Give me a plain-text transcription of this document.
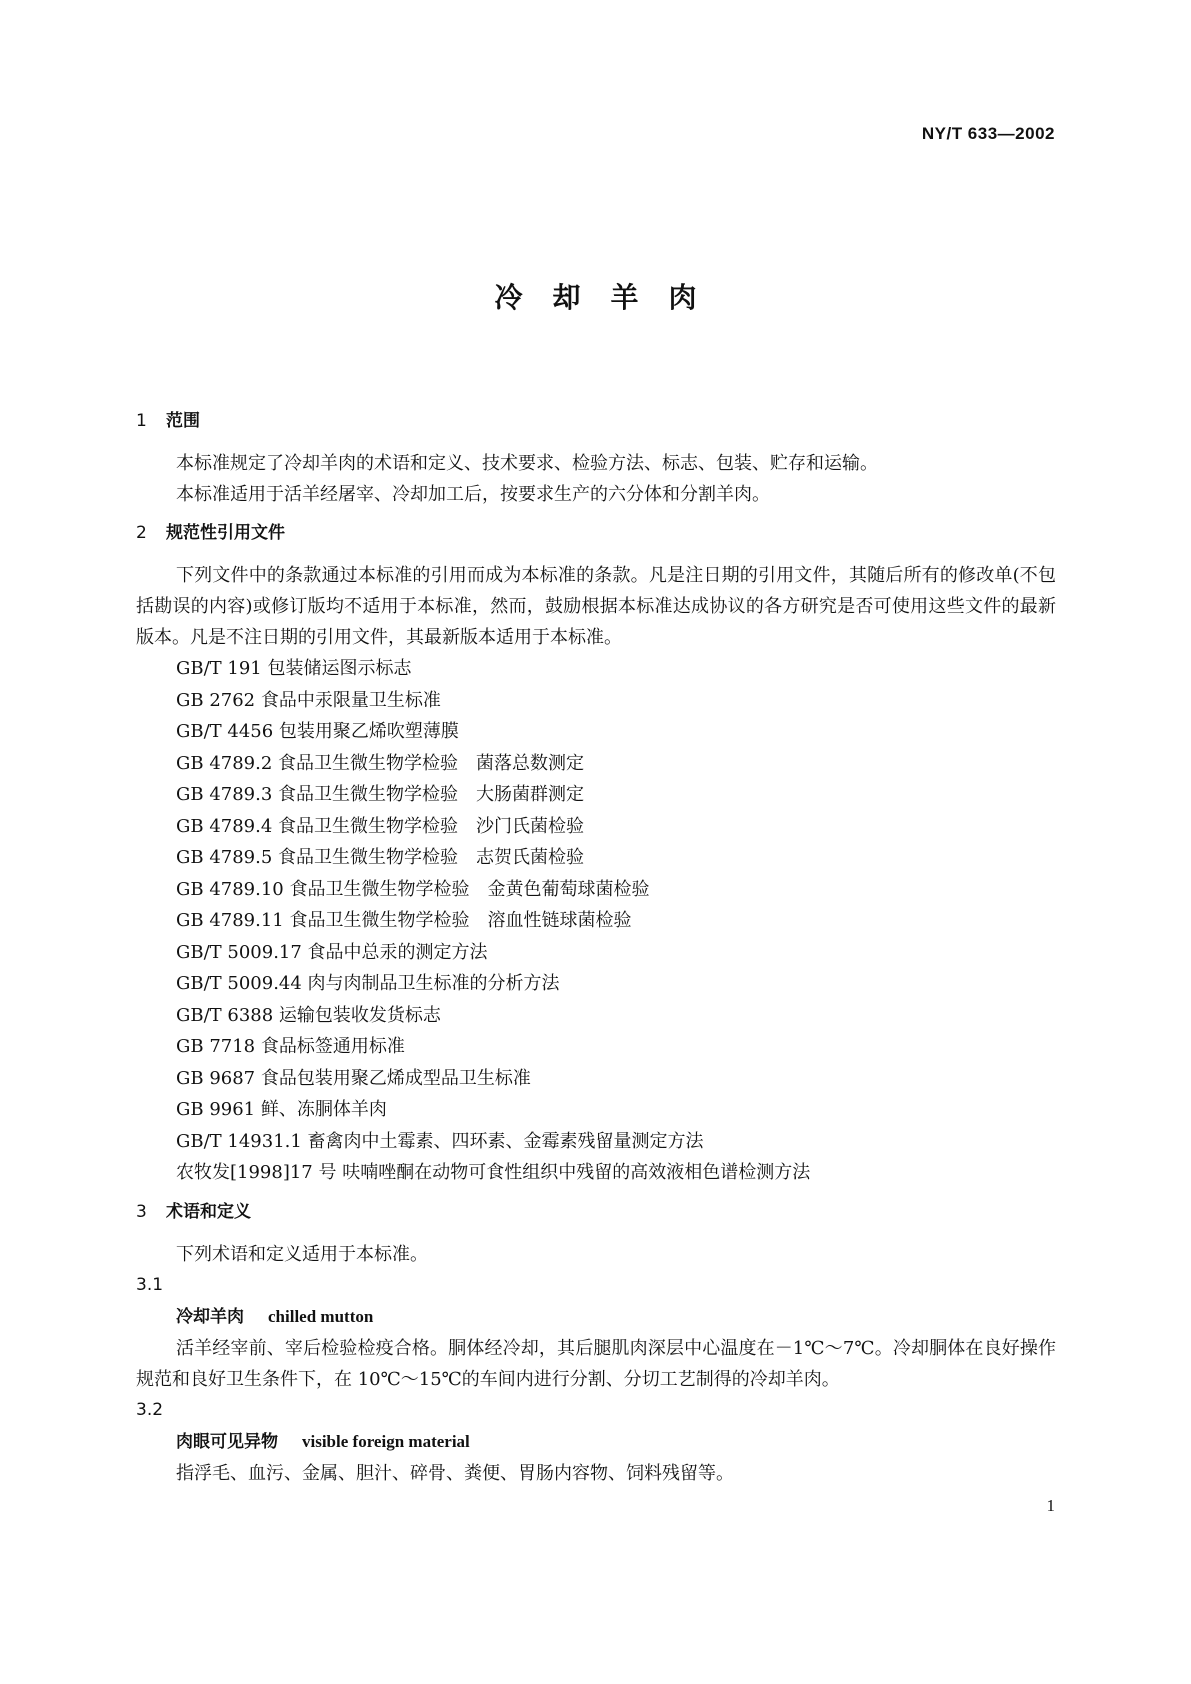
NY/T 633—2002
冷却羊肉
1 范围
本标准规定了冷却羊肉的术语和定义、技术要求、检验方法、标志、包装、贮存和运输。
本标准适用于活羊经屠宰、冷却加工后，按要求生产的六分体和分割羊肉。
2 规范性引用文件
下列文件中的条款通过本标准的引用而成为本标准的条款。凡是注日期的引用文件，其随后所有的修改单(不包括勘误的内容)或修订版均不适用于本标准，然而，鼓励根据本标准达成协议的各方研究是否可使用这些文件的最新版本。凡是不注日期的引用文件，其最新版本适用于本标准。
GB/T 191 包装储运图示标志
GB 2762 食品中汞限量卫生标准
GB/T 4456 包装用聚乙烯吹塑薄膜
GB 4789.2 食品卫生微生物学检验　菌落总数测定
GB 4789.3 食品卫生微生物学检验　大肠菌群测定
GB 4789.4 食品卫生微生物学检验　沙门氏菌检验
GB 4789.5 食品卫生微生物学检验　志贺氏菌检验
GB 4789.10 食品卫生微生物学检验　金黄色葡萄球菌检验
GB 4789.11 食品卫生微生物学检验　溶血性链球菌检验
GB/T 5009.17 食品中总汞的测定方法
GB/T 5009.44 肉与肉制品卫生标准的分析方法
GB/T 6388 运输包装收发货标志
GB 7718 食品标签通用标准
GB 9687 食品包装用聚乙烯成型品卫生标准
GB 9961 鲜、冻胴体羊肉
GB/T 14931.1 畜禽肉中土霉素、四环素、金霉素残留量测定方法
农牧发[1998]17 号 呋喃唑酮在动物可食性组织中残留的高效液相色谱检测方法
3 术语和定义
下列术语和定义适用于本标准。
3.1
冷却羊肉 chilled mutton
活羊经宰前、宰后检验检疫合格。胴体经冷却，其后腿肌肉深层中心温度在－1℃～7℃。冷却胴体在良好操作规范和良好卫生条件下，在 10℃～15℃的车间内进行分割、分切工艺制得的冷却羊肉。
3.2
肉眼可见异物 visible foreign material
指浮毛、血污、金属、胆汁、碎骨、粪便、胃肠内容物、饲料残留等。
1
